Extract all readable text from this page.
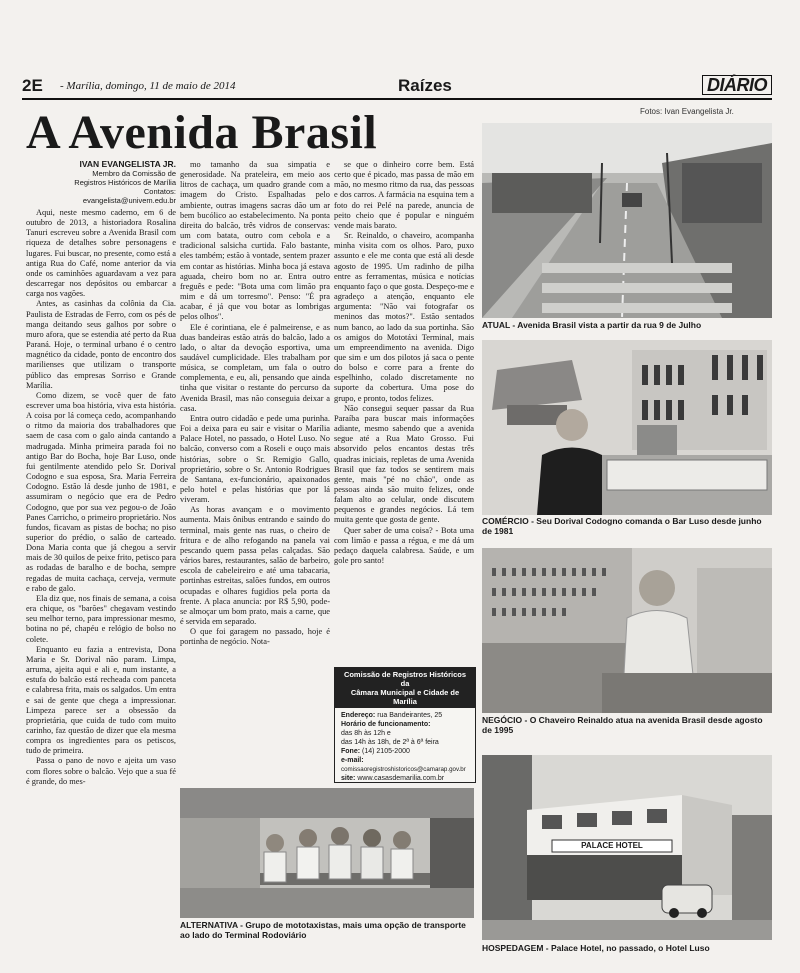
2E - Marília, domingo, 11 de maio de 2014	Raízes	DIÁRIO
Fotos: Ivan Evangelista Jr.
A Avenida Brasil
IVAN EVANGELISTA JR.
Membro da Comissão de
Registros Históricos de Marília
Contatos: evangelista@univem.edu.br

Aqui, neste mesmo caderno, em 6 de outubro de 2013, a historiadora Rosalina Tanuri escreveu sobre a Avenida Brasil com riqueza de detalhes sobre personagens e lugares. Fui buscar, no presente, como está a antiga Rua do Café, nome anterior da via onde os caminhões aguardavam a vez para descarregar nos depósitos ou embarcar a carga nos vagões.

Antes, as casinhas da colônia da Cia. Paulista de Estradas de Ferro, com os pés de manga deitando seus galhos por sobre o muro afora, que se estendia até perto da Rua Paraná. Hoje, o terminal urbano é o centro magnético da cidade, ponto de encontro dos marilienses que utilizam o transporte público das empresas Sorriso e Grande Marília.

Como dizem, se você quer de fato escrever uma boa história, viva esta história. A coisa por lá começa cedo, acompanhando o ritmo da maioria dos trabalhadores que saem de casa com o galo ainda cantando a madrugada. Minha primeira parada foi no antigo Bar do Bocha, hoje Bar Luso, onde fui gentilmente atendido pelo Sr. Dorival Codogno e sua esposa, Sra. Maria Ferreira Codogno. Estão lá desde junho de 1981, e assumiram o negócio que era de Pedro Codogno, que por sua vez pegou-o de João Panes Carricho, o primeiro proprietário. Nos fundos, ficavam as pistas de bocha; no piso superior do prédio, o salão de carteado. Dona Maria conta que já chegou a servir mais de 30 quilos de peixe frito, petisco para as rodadas de baralho e de bocha, sempre regadas de muita cachaça, cerveja, vermute e rabo de galo.

Ela diz que, nos finais de semana, a coisa era chique, os "barões" chegavam vestindo seu melhor terno, para impressionar mesmo, botina no pé, chapéu e relógio de bolso no colete.

Enquanto eu fazia a entrevista, Dona Maria e Sr. Dorival não param. Limpa, arruma, ajeita aqui e ali e, num instante, a estufa do balcão está recheada com panceta e calabresa frita, mais os salgados. Um entra e sai de gente que chega a impressionar. Limpeza parece ser a obsessão da proprietária, que cuida de tudo com muito carinho, faz questão de dizer que ela mesma compra os ingredientes para os petiscos, tudo de primeira.

Passa o pano de novo e ajeita um vaso com flores sobre o balcão. Vejo que a sua fé é grande, do mes-

mo tamanho da sua simpatia e generosidade. Na prateleira, em meio aos litros de cachaça, um quadro grande com a imagem do Cristo. Espalhadas pelo ambiente, outras imagens sacras dão um ar bem bucólico ao estabelecimento. Na ponta direita do balcão, três vidros de conservas: um com batata, outro com cebola e a tradicional salsicha curtida. Falo bastante, eles também; estão à vontade, sentem prazer em contar as histórias. Minha boca já estava aguada, cheiro bom no ar. Entra outro freguês e pede: "Bota uma com limão pra mim e dá um torresmo". Penso: "É pra acabar, é já que vou botar as lombrigas pelos olhos".

Ele é corintiana, ele é palmeirense, e as duas bandeiras estão atrás do balcão, lado a lado, o altar da devoção esportiva, uma saudável cumplicidade. Eles trabalham por música, se completam, um fala o outro complementa, e eu, ali, pensando que ainda tinha que visitar o restante do percurso da Avenida Brasil, mas não conseguia deixar a casa.

Entra outro cidadão e pede uma purinha. Foi a deixa para eu sair e visitar o Marília Palace Hotel, no passado, o Hotel Luso. No balcão, converso com a Roseli e ouço mais histórias, sobre o Sr. Remigio Gallo, proprietário, sobre o Sr. Antonio Rodrigues de Santana, ex-funcionário, apaixonados pelo hotel e pelas histórias que por lá viveram.

As horas avançam e o movimento aumenta. Mais ônibus entrando e saindo do terminal, mais gente nas ruas, o cheiro de fritura e de alho refogando na panela vai pescando quem passa pelas calçadas. São vários bares, restaurantes, salão de barbeiro, escola de cabeleireiro e até uma tabacaria, portinhas estreitas, salões fundos, em outros ocupadas e olhares fugidios pela porta da frente. A placa anuncia: por R$ 5,90, pode-se almoçar um bom prato, mais a carne, que é servida em separado.

O que foi garagem no passado, hoje é portinha de negócio. Nota-

se que o dinheiro corre bem. Está certo que é picado, mas passa de mão em mão, no mesmo ritmo da rua, das pessoas e dos carros. A farmácia na esquina tem a foto do rei Pelé na parede, anuncia de peito cheio que é popular e ninguém vende mais barato.

Sr. Reinaldo, o chaveiro, acompanha minha visita com os olhos. Paro, puxo assunto e ele me conta que está ali desde agosto de 1995. Um radinho de pilha entre as ferramentas, música e notícias enquanto faço o que gosta. Despeço-me e agradeço a atenção, enquanto ele argumenta: "Não vai fotografar os meninos das motos?". Estão sentados num banco, ao lado da sua portinha. São os amigos do Mototáxi Terminal, mais um empreendimento na avenida. Digo que sim e um dos pilotos já saca o pente do bolso e corre para a frente do espelhinho, colado discretamente no suporte da cobertura. Uma pose do grupo, e pronto, todos felizes.

Não consegui sequer passar da Rua Paraíba para buscar mais informações adiante, mesmo sabendo que a avenida segue até a Rua Mato Grosso. Fui absorvido pelos encantos destas três quadras iniciais, repletas de uma Avenida Brasil que faz todos se sentirem mais gente, mais "pé no chão", onde as pessoas ainda são muito felizes, onde falam alto ao celular, onde discutem pequenos e grandes negócios. Lá tem muita gente que gosta de gente.

Quer saber de uma coisa? - Bota uma com limão e passa a régua, e me dá um pedaço daquela calabresa. Saúde, e um gole pro santo!

Comissão de Registros Históricos da
Câmara Municipal e Cidade de Marília
Endereço: rua Bandeirantes, 25
Horário de funcionamento:
das 8h às 12h e
das 14h às 18h, de 2ª à 6ª feira
Fone: (14) 2105-2000
e-mail:
comissaoregistroshistoricos@camarap.gov.br
site: www.casasdemarilia.com.br
ATUAL - Avenida Brasil vista a partir da rua 9 de Julho
COMÉRCIO - Seu Dorival Codogno comanda o Bar Luso desde junho de 1981
NEGÓCIO - O Chaveiro Reinaldo atua na avenida Brasil desde agosto de 1995
PALACE HOTEL
HOSPEDAGEM - Palace Hotel, no passado, o Hotel Luso
ALTERNATIVA - Grupo de mototaxistas, mais uma opção de transporte ao lado do Terminal Rodoviário
